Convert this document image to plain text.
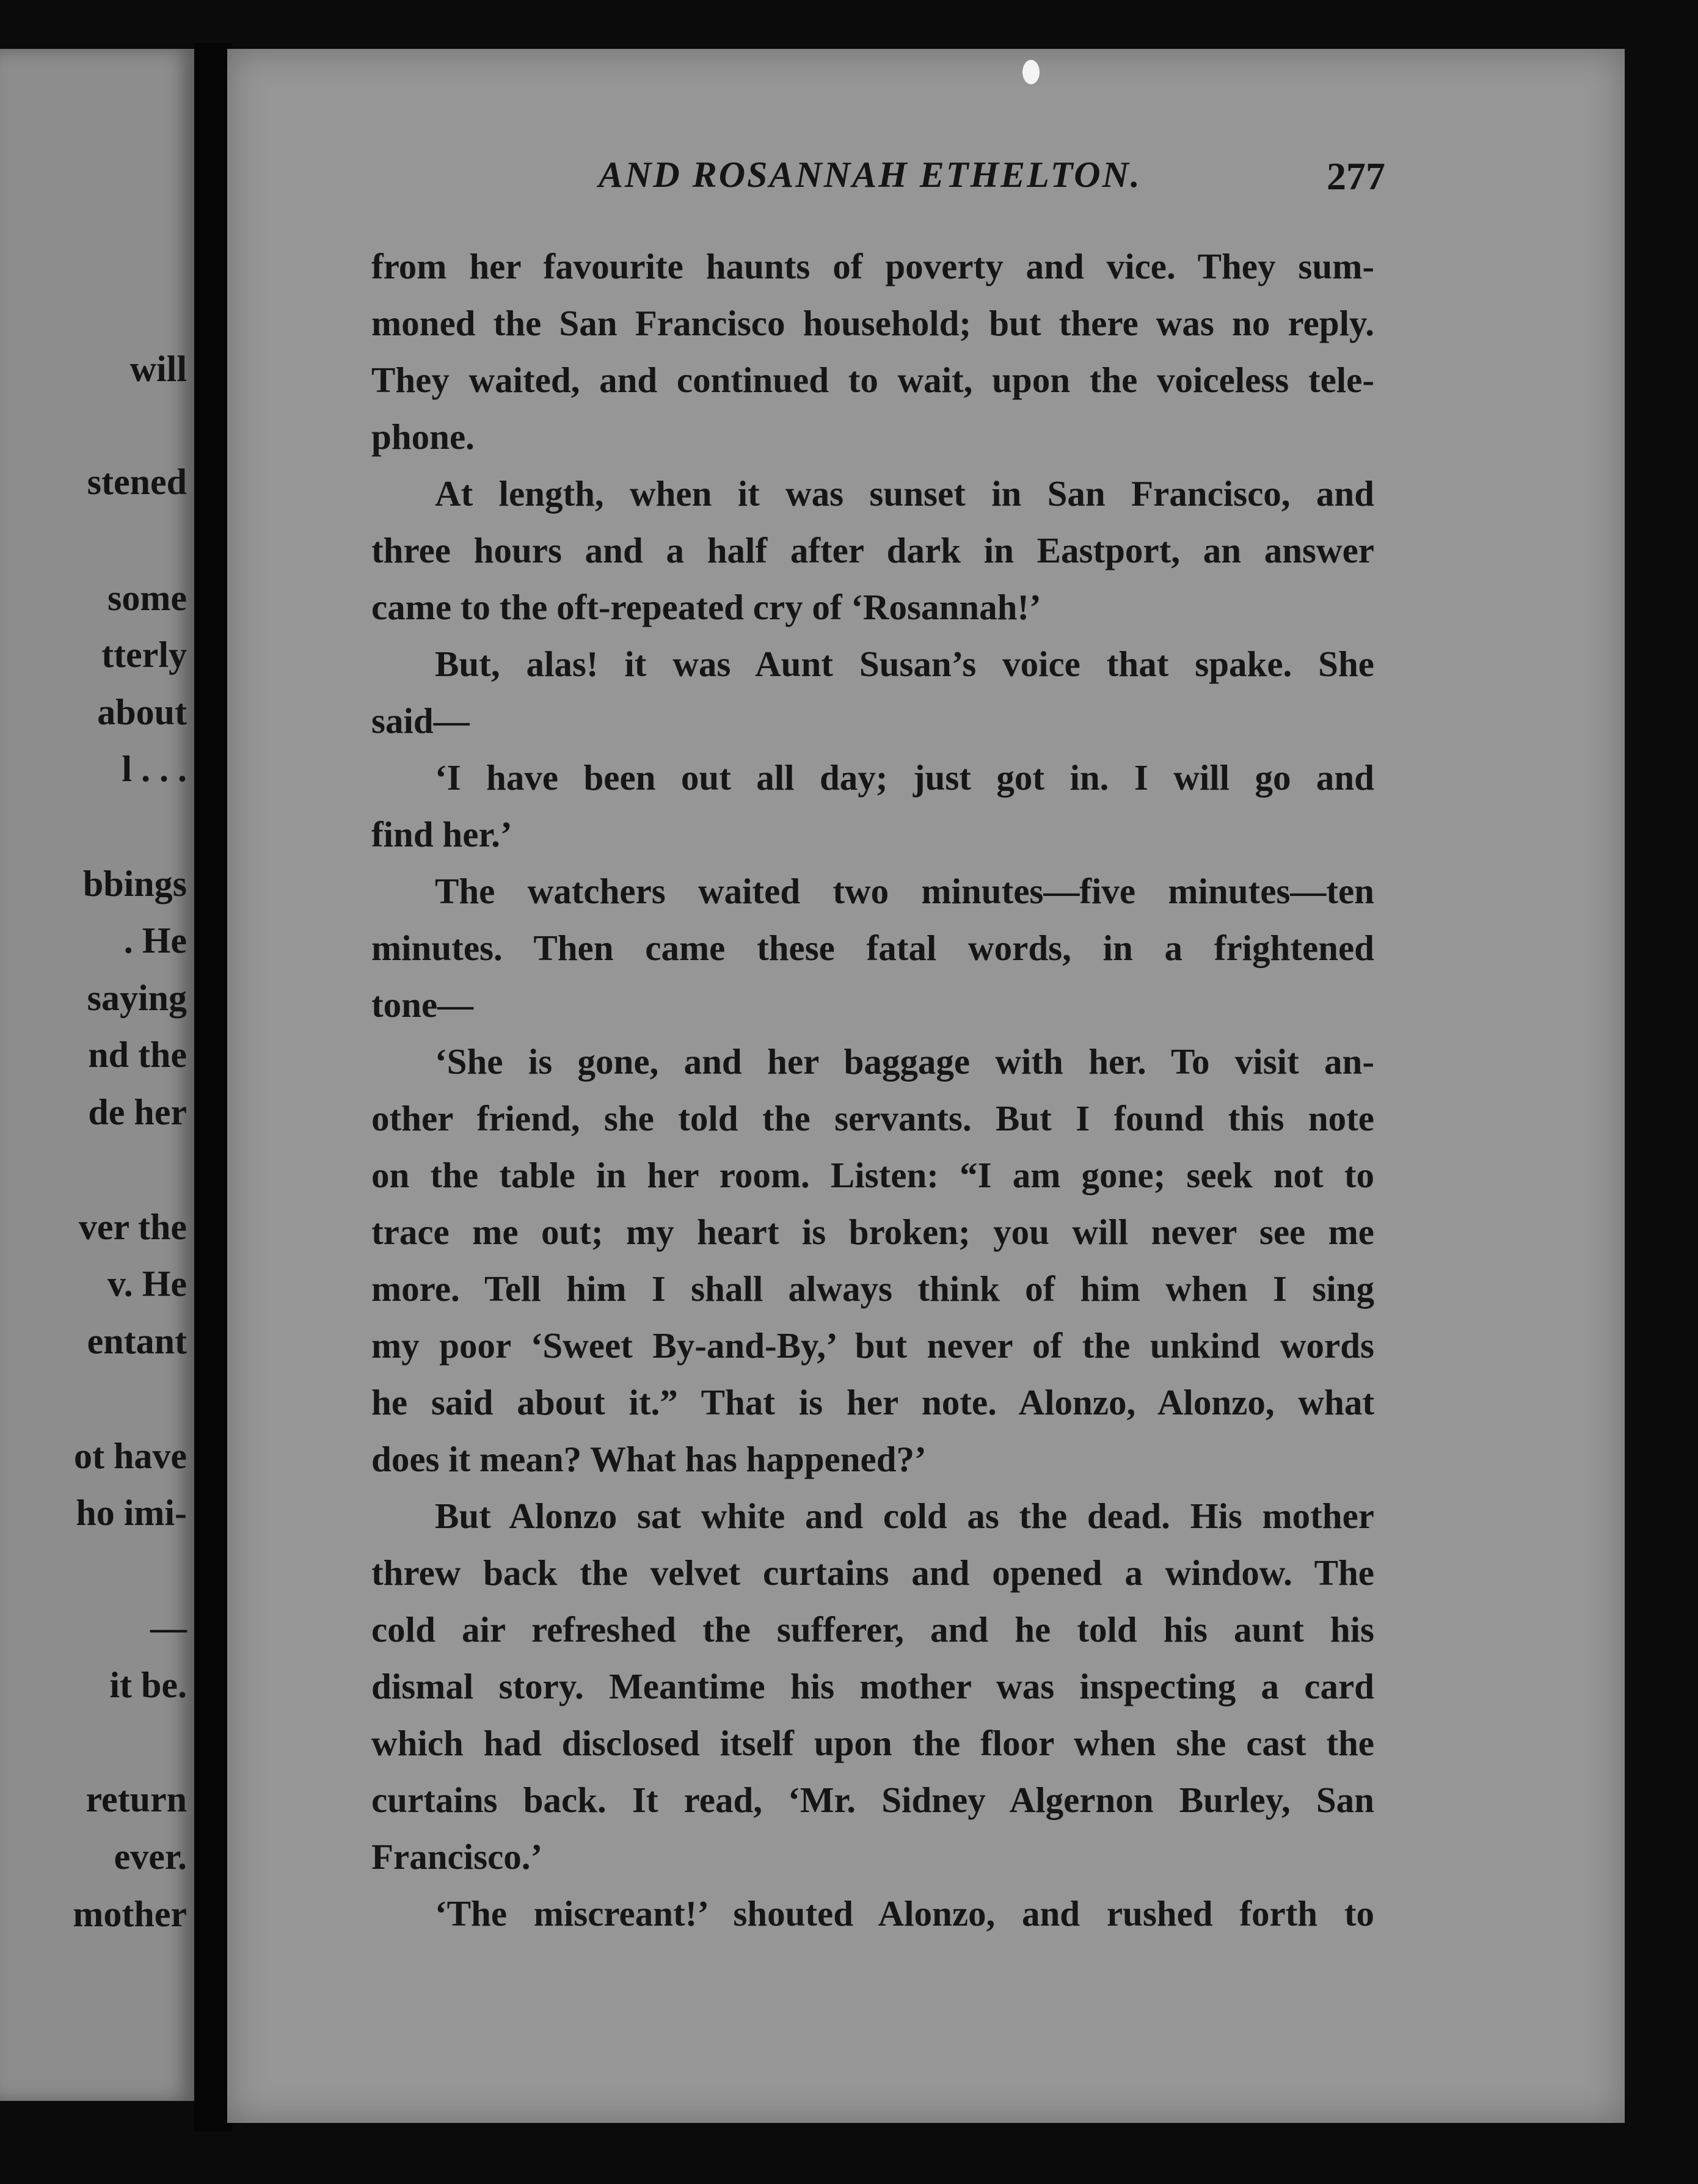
will

stened

some

tterly

about

l . . .

bbings

. He

saying

nd the

de her

ver the

v. He

entant

ot have

ho imi-

—

it be.

return

ever.

mother

AND ROSANNAH ETHELTON.	277

from her favourite haunts of poverty and vice. They sum-

moned the San Francisco household; but there was no reply.

They waited, and continued to wait, upon the voiceless tele-

phone.

At length, when it was sunset in San Francisco, and

three hours and a half after dark in Eastport, an answer

came to the oft-repeated cry of ‘Rosannah!’

But, alas! it was Aunt Susan’s voice that spake. She

said—

‘I have been out all day; just got in. I will go and

find her.’

The watchers waited two minutes—five minutes—ten

minutes. Then came these fatal words, in a frightened

tone—

‘She is gone, and her baggage with her. To visit an-

other friend, she told the servants. But I found this note

on the table in her room. Listen: “I am gone; seek not to

trace me out; my heart is broken; you will never see me

more. Tell him I shall always think of him when I sing

my poor ‘Sweet By-and-By,’ but never of the unkind words

he said about it.” That is her note. Alonzo, Alonzo, what

does it mean? What has happened?’

But Alonzo sat white and cold as the dead. His mother

threw back the velvet curtains and opened a window. The

cold air refreshed the sufferer, and he told his aunt his

dismal story. Meantime his mother was inspecting a card

which had disclosed itself upon the floor when she cast the

curtains back. It read, ‘Mr. Sidney Algernon Burley, San

Francisco.’

‘The miscreant!’ shouted Alonzo, and rushed forth to
